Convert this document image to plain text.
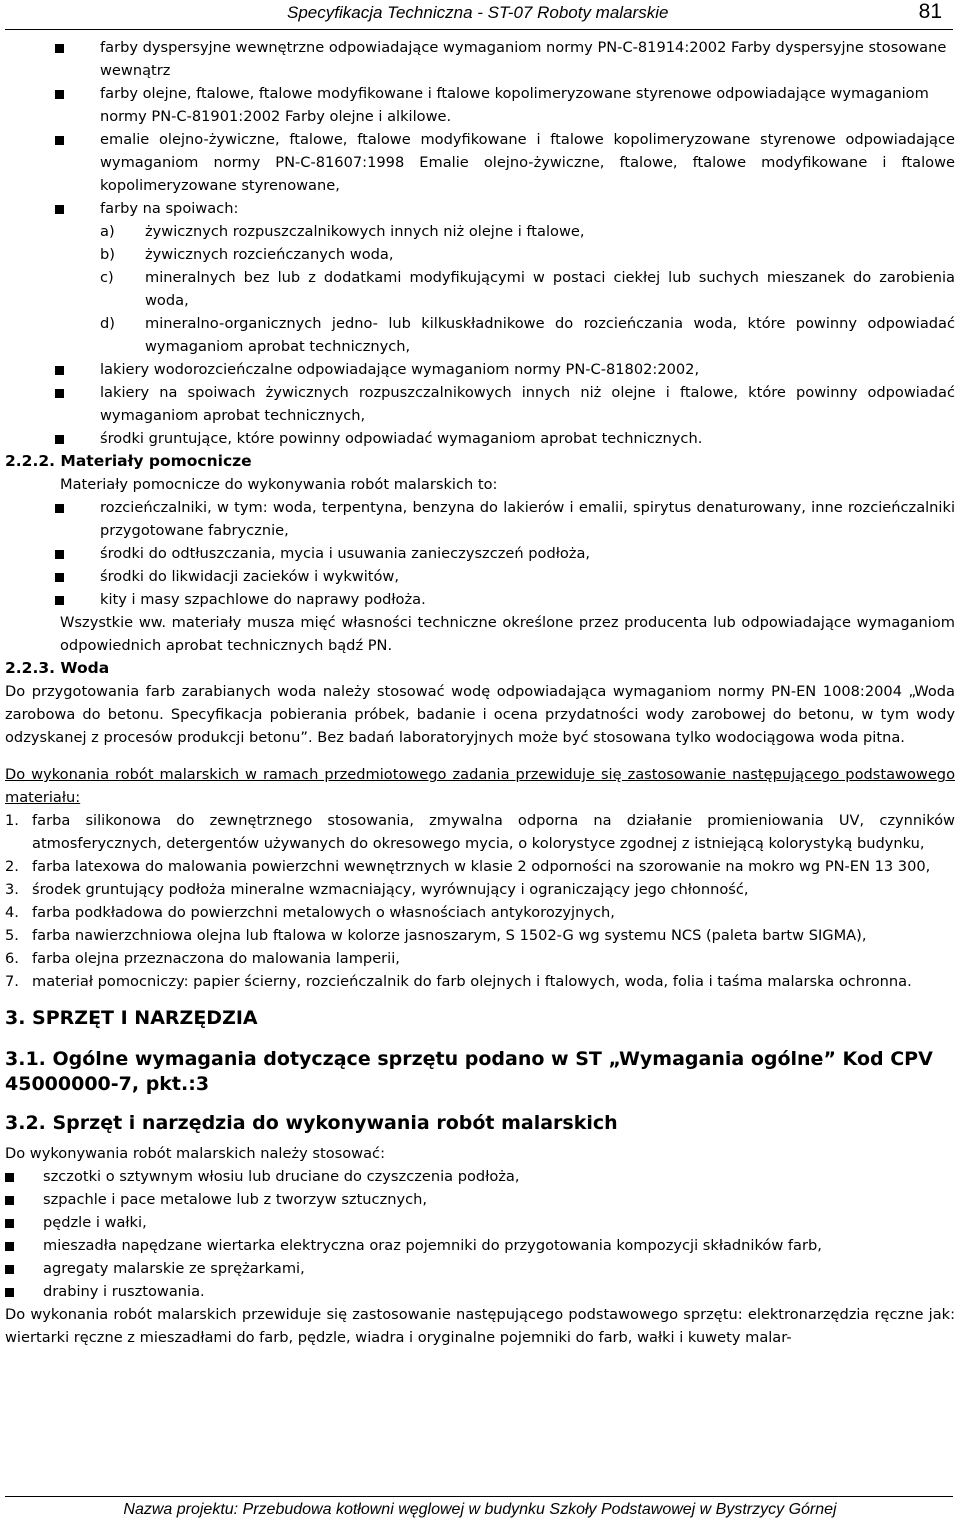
Specyfikacja Techniczna - ST-07 Roboty malarskie	81
farby dyspersyjne wewnętrzne odpowiadające wymaganiom normy PN-C-81914:2002 Farby dyspersyjne stosowane wewnątrz
farby olejne, ftalowe, ftalowe modyfikowane i ftalowe kopolimeryzowane styrenowe odpowiadające wymaganiom normy PN-C-81901:2002 Farby olejne i alkilowe.
emalie olejno-żywiczne, ftalowe, ftalowe modyfikowane i ftalowe kopolimeryzowane styrenowe odpowiadające wymaganiom normy PN-C-81607:1998 Emalie olejno-żywiczne, ftalowe, ftalowe modyfikowane i ftalowe kopolimeryzowane styrenowane,
farby na spoiwach:
a) żywicznych rozpuszczalnikowych innych niż olejne i ftalowe,
b) żywicznych rozcieńczanych woda,
c) mineralnych bez lub z dodatkami modyfikującymi w postaci ciekłej lub suchych mieszanek do zarobienia woda,
d) mineralno-organicznych jedno- lub kilkuskładnikowe do rozcieńczania woda, które powinny odpowiadać wymaganiom aprobat technicznych,
lakiery wodorozcieńczalne odpowiadające wymaganiom normy PN-C-81802:2002,
lakiery na spoiwach żywicznych rozpuszczalnikowych innych niż olejne i ftalowe, które powinny odpowiadać wymaganiom aprobat technicznych,
środki gruntujące, które powinny odpowiadać wymaganiom aprobat technicznych.
2.2.2. Materiały pomocnicze
Materiały pomocnicze do wykonywania robót malarskich to:
rozcieńczalniki, w tym: woda, terpentyna, benzyna do lakierów i emalii, spirytus denaturowany, inne rozcieńczalniki przygotowane fabrycznie,
środki do odtłuszczania, mycia i usuwania zanieczyszczeń podłoża,
środki do likwidacji zacieków i wykwitów,
kity i masy szpachlowe do naprawy podłoża.
Wszystkie ww. materiały musza mięć własności techniczne określone przez producenta lub odpowiadające wymaganiom odpowiednich aprobat technicznych bądź PN.
2.2.3. Woda
Do przygotowania farb zarabianych woda należy stosować wodę odpowiadająca wymaganiom normy PN-EN 1008:2004 „Woda zarobowa do betonu. Specyfikacja pobierania próbek, badanie i ocena przydatności wody zarobowej do betonu, w tym wody odzyskanej z procesów produkcji betonu”. Bez badań laboratoryjnych może być stosowana tylko wodociągowa woda pitna.
Do wykonania robót malarskich w ramach przedmiotowego zadania przewiduje się zastosowanie następującego podstawowego materiału:
1. farba silikonowa do zewnętrznego stosowania, zmywalna odporna na działanie promieniowania UV, czynników atmosferycznych, detergentów używanych do okresowego mycia, o kolorystyce zgodnej z istniejącą kolorystyką budynku,
2. farba latexowa do malowania powierzchni wewnętrznych w klasie 2 odporności na szorowanie na mokro wg PN-EN 13 300,
3. środek gruntujący podłoża mineralne wzmacniający, wyrównujący i ograniczający jego chłonność,
4. farba podkładowa do powierzchni metalowych o własnościach antykorozyjnych,
5. farba nawierzchniowa olejna lub ftalowa w kolorze jasnoszarym, S 1502-G wg systemu NCS (paleta bartw SIGMA),
6. farba olejna przeznaczona do malowania lamperii,
7. materiał pomocniczy: papier ścierny, rozcieńczalnik do farb olejnych i ftalowych, woda, folia i taśma malarska ochronna.
3. SPRZĘT I NARZĘDZIA
3.1. Ogólne wymagania dotyczące sprzętu podano w ST „Wymagania ogólne” Kod CPV 45000000-7, pkt.:3
3.2. Sprzęt i narzędzia do wykonywania robót malarskich
Do wykonywania robót malarskich należy stosować:
szczotki o sztywnym włosiu lub druciane do czyszczenia podłoża,
szpachle i pace metalowe lub z tworzyw sztucznych,
pędzle i wałki,
mieszadła napędzane wiertarka elektryczna oraz pojemniki do przygotowania kompozycji składników farb,
agregaty malarskie ze sprężarkami,
drabiny i rusztowania.
Do wykonania robót malarskich przewiduje się zastosowanie następującego podstawowego sprzętu: elektronarzędzia ręczne jak: wiertarki ręczne z mieszadłami do farb, pędzle, wiadra i oryginalne pojemniki do farb, wałki i kuwety malar-
Nazwa projektu: Przebudowa kotłowni węglowej w budynku Szkoły Podstawowej w Bystrzycy Górnej
